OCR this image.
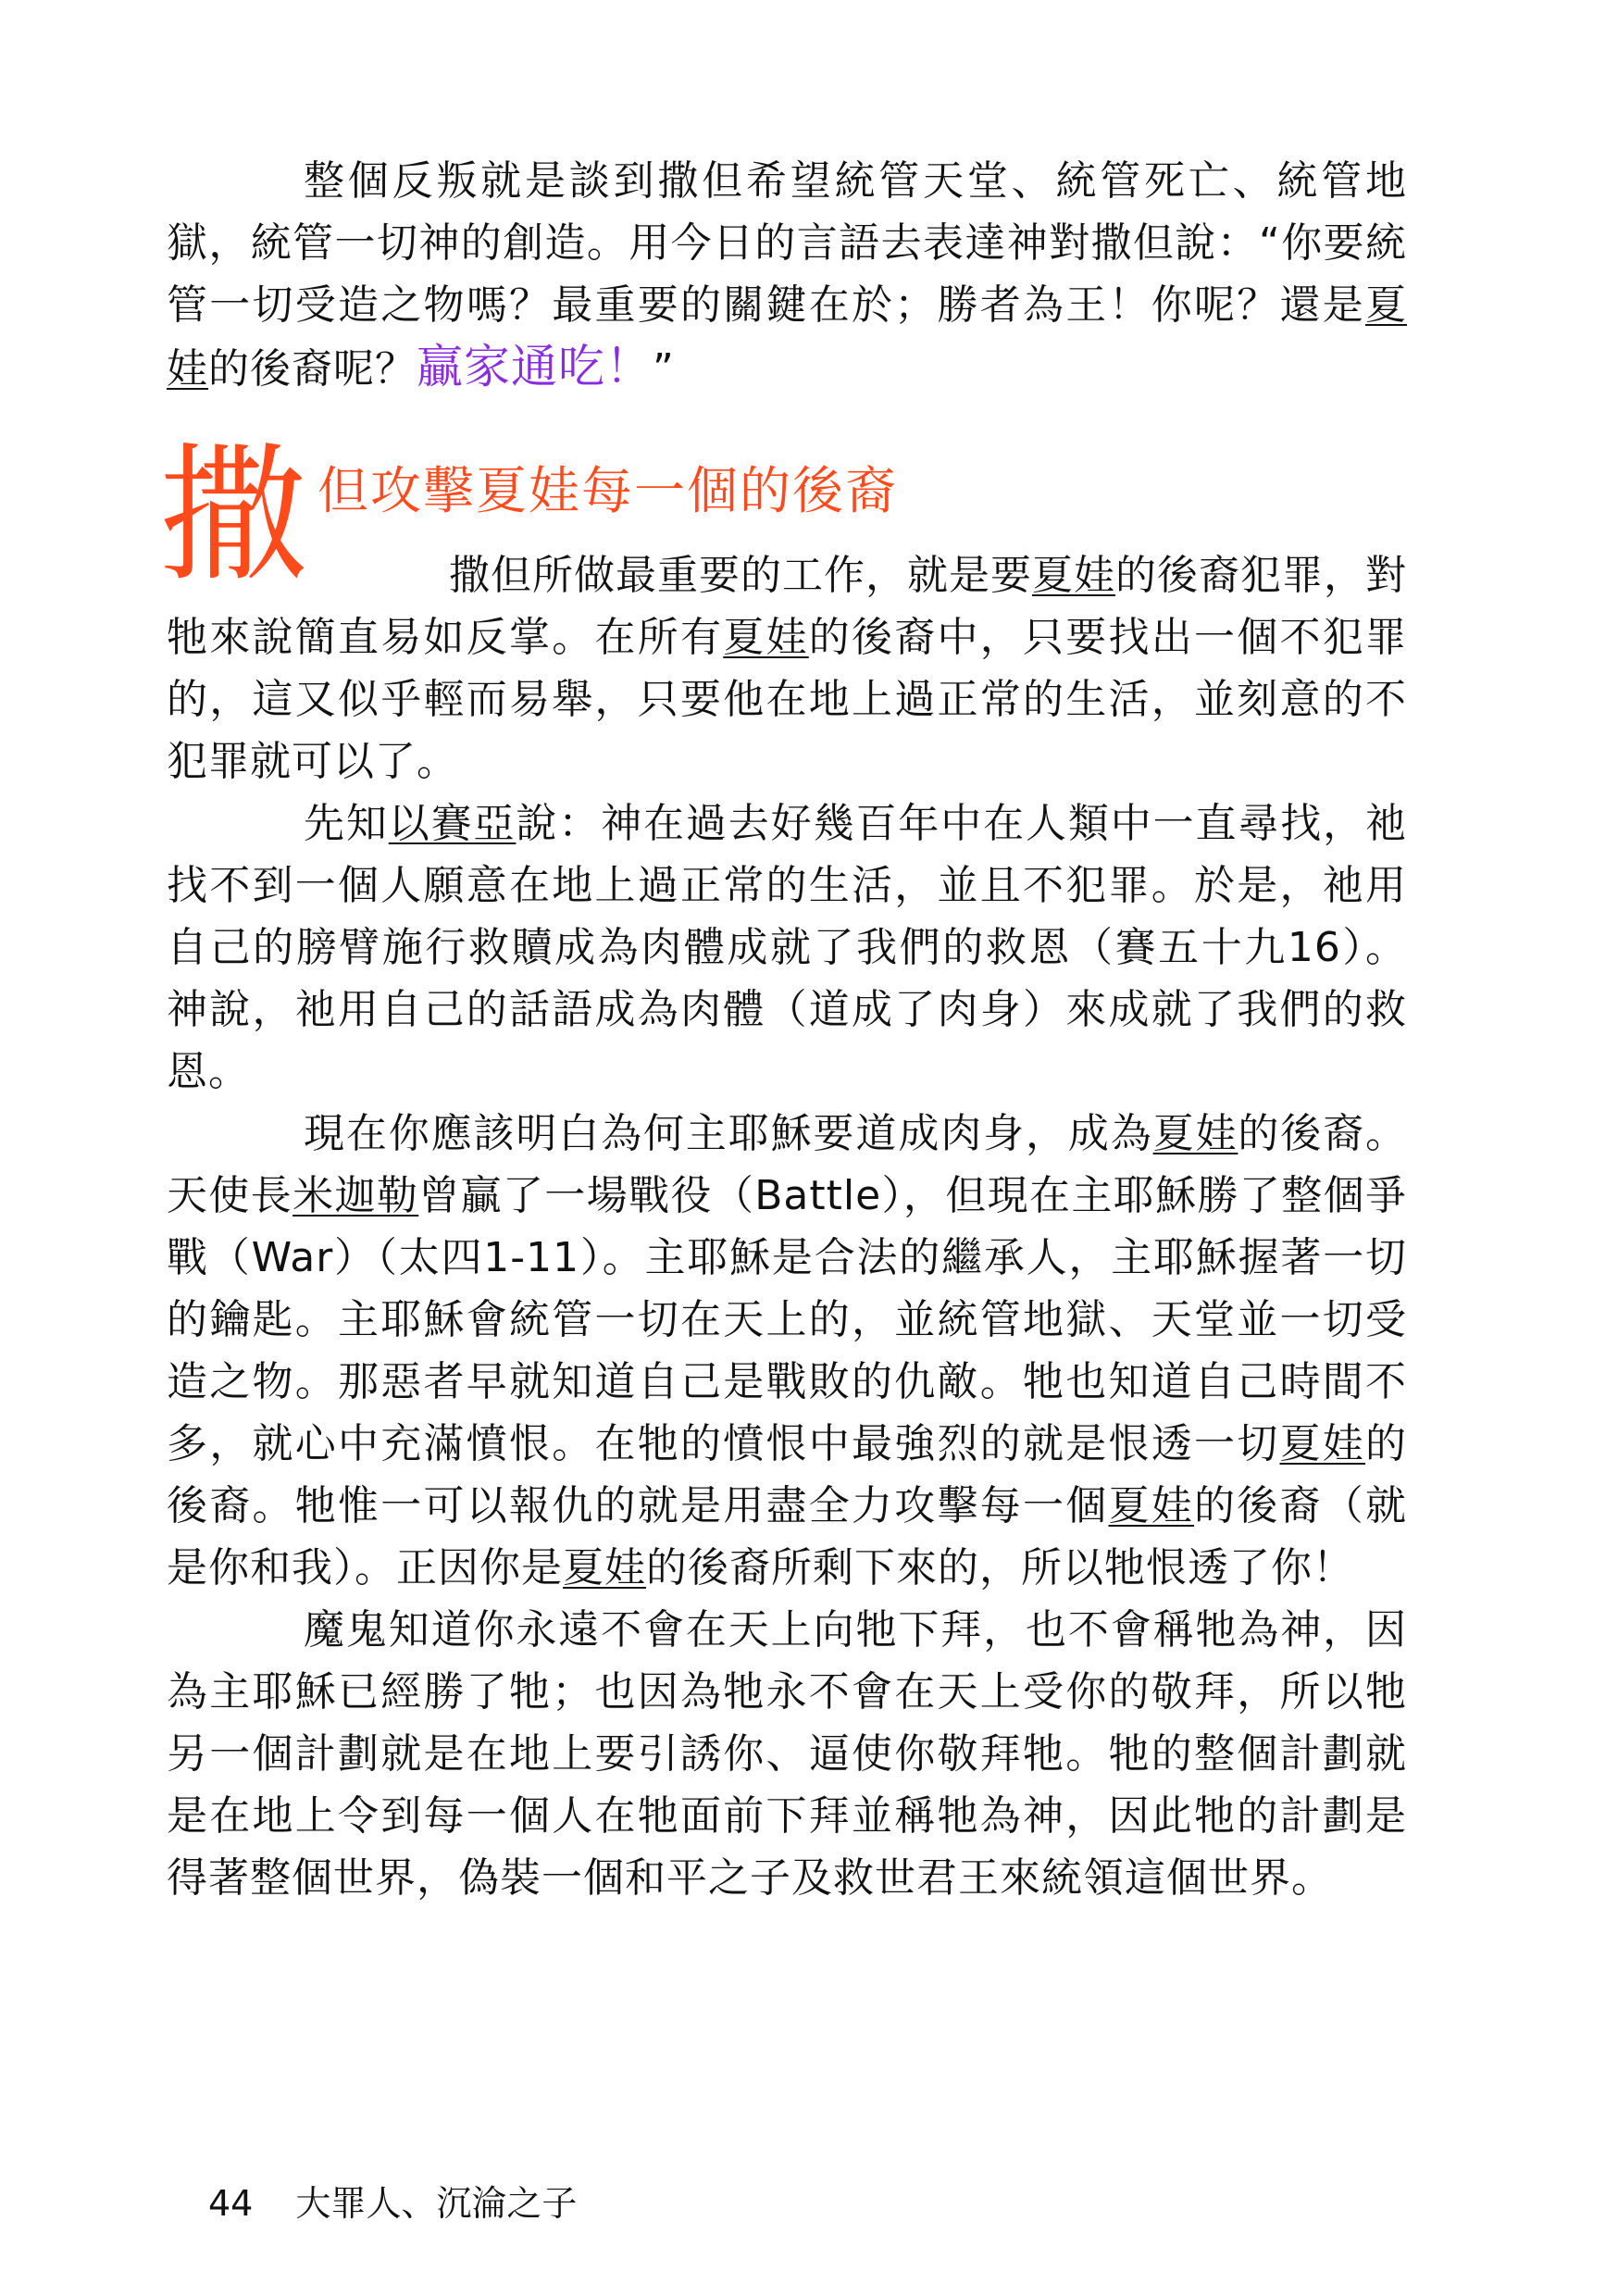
整個反叛就是談到撒但希望統管天堂、統管死亡、統管地獄，統管一切神的創造。用今日的言語去表達神對撒但說：“你要統管一切受造之物嗎？最重要的關鍵在於；勝者為王！你呢？還是夏娃的後裔呢？贏家通吃！”

撒 但攻擊夏娃每一個的後裔

撒但所做最重要的工作，就是要夏娃的後裔犯罪，對牠來說簡直易如反掌。在所有夏娃的後裔中，只要找出一個不犯罪的，這又似乎輕而易舉，只要他在地上過正常的生活，並刻意的不犯罪就可以了。

先知以賽亞說：神在過去好幾百年中在人類中一直尋找，祂找不到一個人願意在地上過正常的生活，並且不犯罪。於是，祂用自己的膀臂施行救贖成為肉體成就了我們的救恩（賽五十九16）。神說，祂用自己的話語成為肉體（道成了肉身）來成就了我們的救恩。

現在你應該明白為何主耶穌要道成肉身，成為夏娃的後裔。天使長米迦勒曾贏了一場戰役（Battle），但現在主耶穌勝了整個爭戰（War）（太四1-11）。主耶穌是合法的繼承人，主耶穌握著一切的鑰匙。主耶穌會統管一切在天上的，並統管地獄、天堂並一切受造之物。那惡者早就知道自己是戰敗的仇敵。牠也知道自己時間不多，就心中充滿憤恨。在牠的憤恨中最強烈的就是恨透一切夏娃的後裔。牠惟一可以報仇的就是用盡全力攻擊每一個夏娃的後裔（就是你和我）。正因你是夏娃的後裔所剩下來的，所以牠恨透了你！

魔鬼知道你永遠不會在天上向牠下拜，也不會稱牠為神，因為主耶穌已經勝了牠；也因為牠永不會在天上受你的敬拜，所以牠另一個計劃就是在地上要引誘你、逼使你敬拜牠。牠的整個計劃就是在地上令到每一個人在牠面前下拜並稱牠為神，因此牠的計劃是得著整個世界，偽裝一個和平之子及救世君王來統領這個世界。

44 大罪人、沉淪之子
